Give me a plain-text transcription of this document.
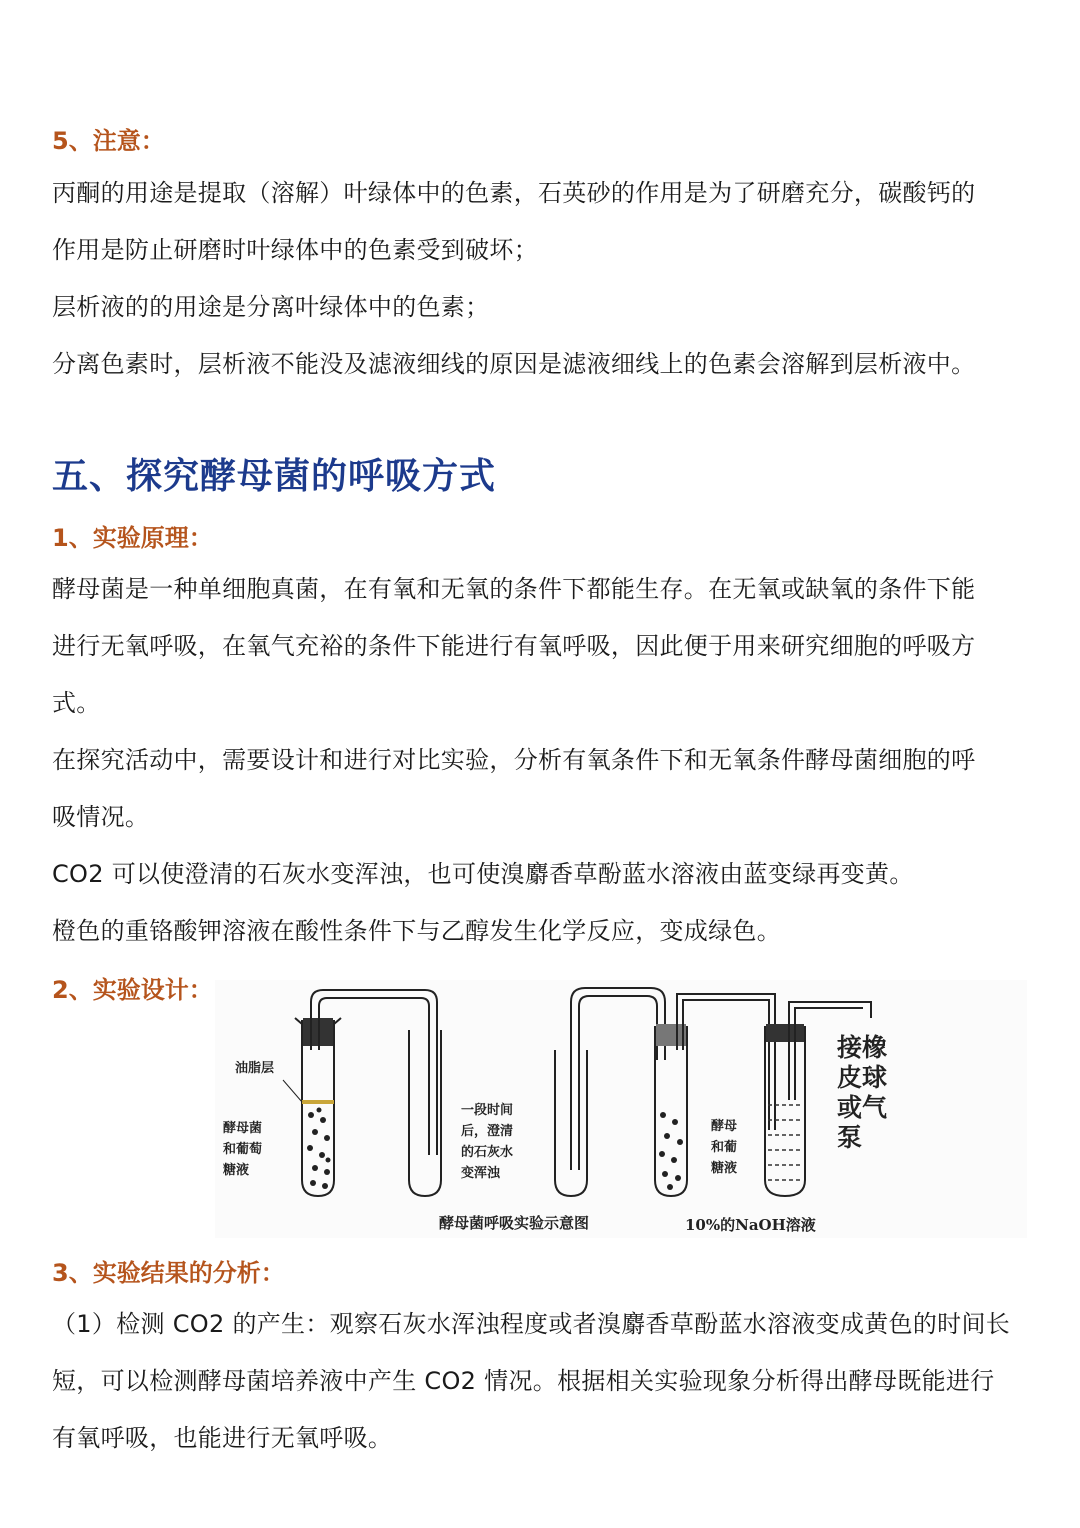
5、注意：

丙酮的用途是提取（溶解）叶绿体中的色素，石英砂的作用是为了研磨充分，碳酸钙的
作用是防止研磨时叶绿体中的色素受到破坏；
层析液的的用途是分离叶绿体中的色素；
分离色素时，层析液不能没及滤液细线的原因是滤液细线上的色素会溶解到层析液中。

五、探究酵母菌的呼吸方式
1、实验原理：

酵母菌是一种单细胞真菌，在有氧和无氧的条件下都能生存。在无氧或缺氧的条件下能
进行无氧呼吸，在氧气充裕的条件下能进行有氧呼吸，因此便于用来研究细胞的呼吸方
式。
在探究活动中，需要设计和进行对比实验，分析有氧条件下和无氧条件酵母菌细胞的呼
吸情况。
CO2 可以使澄清的石灰水变浑浊，也可使溴麝香草酚蓝水溶液由蓝变绿再变黄。
橙色的重铬酸钾溶液在酸性条件下与乙醇发生化学反应，变成绿色。

2、实验设计：
油脂层
酵母菌
和葡萄
糖液
一段时间
后，澄清
的石灰水
变浑浊
酵母
和葡
糖液
接橡
皮球
或气
泵
酵母菌呼吸实验示意图	10%的NaOH溶液
3、实验结果的分析：

（1）检测 CO2 的产生：观察石灰水浑浊程度或者溴麝香草酚蓝水溶液变成黄色的时间长
短，可以检测酵母菌培养液中产生 CO2 情况。根据相关实验现象分析得出酵母既能进行
有氧呼吸，也能进行无氧呼吸。
